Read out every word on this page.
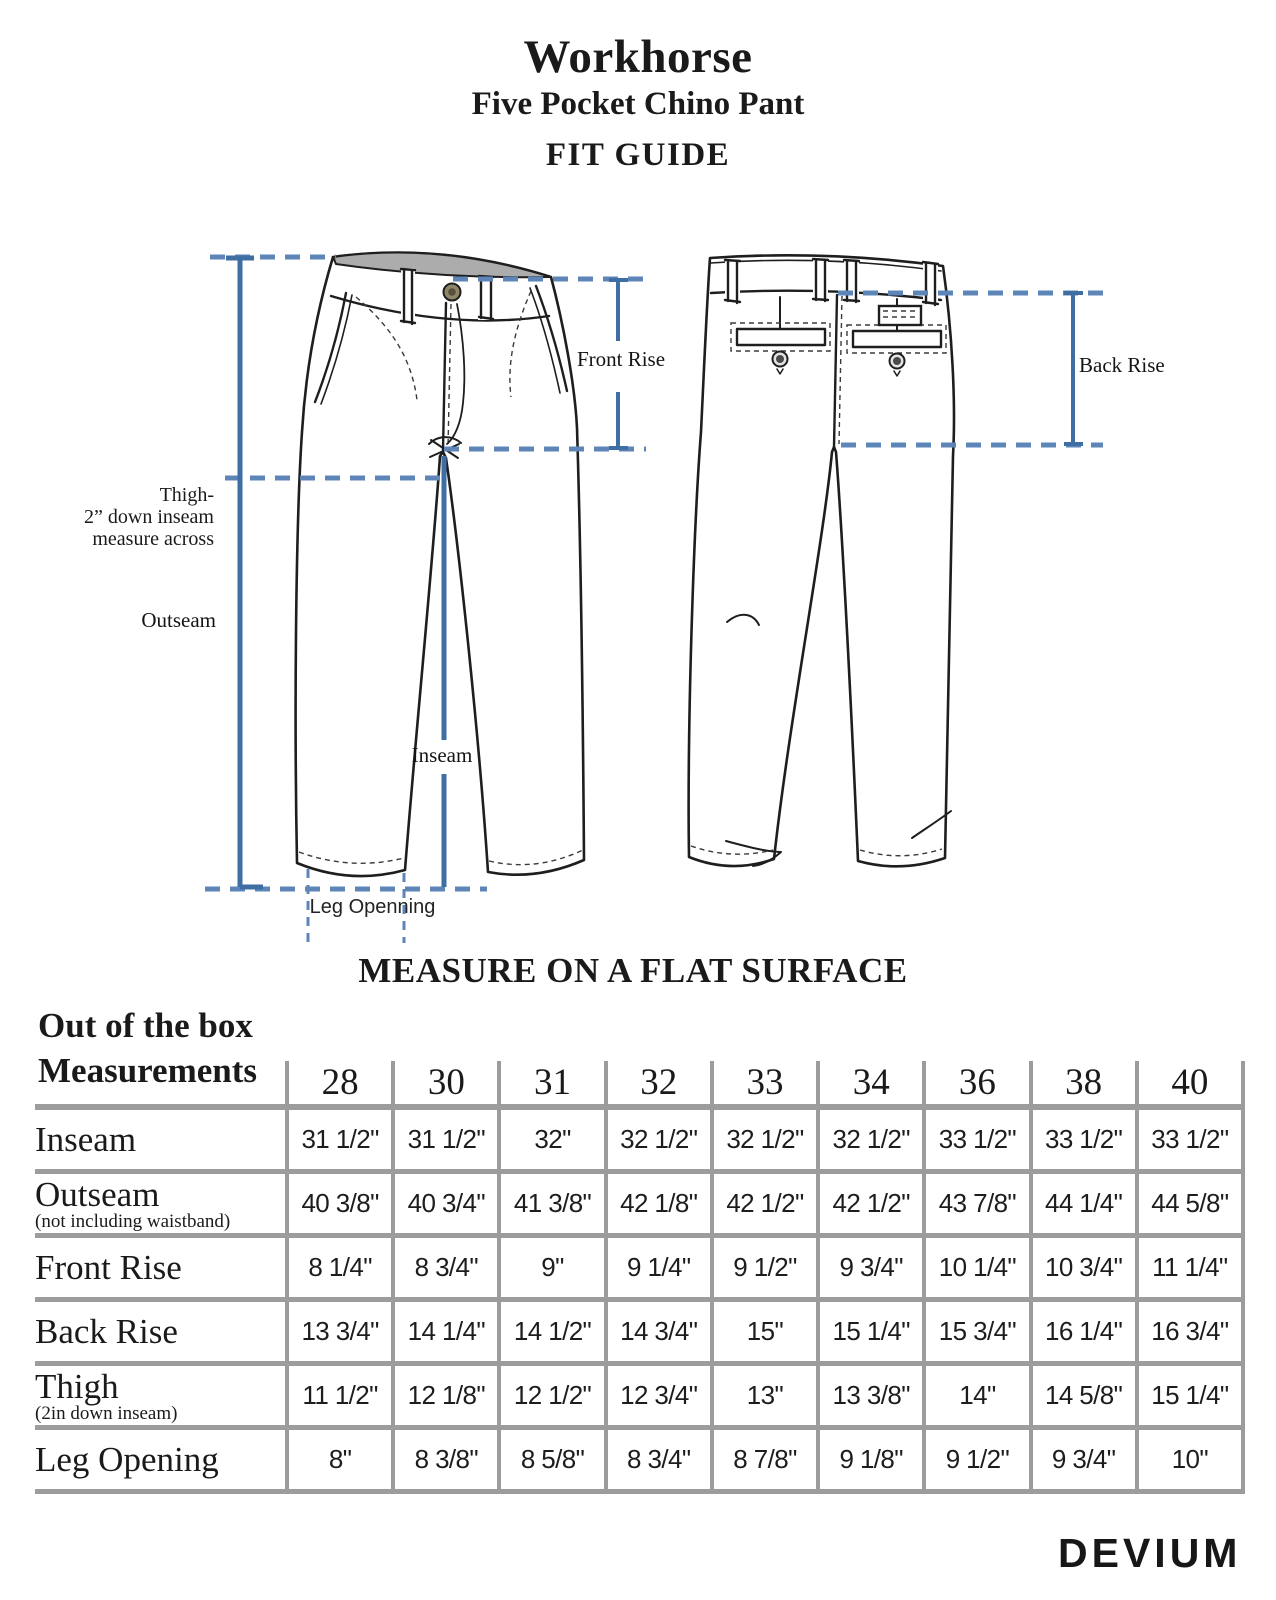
Workhorse
Five Pocket Chino Pant
FIT GUIDE
Front Rise	Back Rise
Thigh-
2” down inseam
measure across
Outseam
Inseam
Leg Openning
MEASURE ON A FLAT SURFACE
Out of the box
Measurements
	28	30	31	32	33	34	36	38	40

Inseam	31 1/2"	31 1/2"	32"	32 1/2"	32 1/2"	32 1/2"	33 1/2"	33 1/2"	33 1/2"

Outseam
(not including waistband)	40 3/8"	40 3/4"	41 3/8"	42 1/8"	42 1/2"	42 1/2"	43 7/8"	44 1/4"	44 5/8"

Front Rise	8 1/4"	8 3/4"	9"	9 1/4"	9 1/2"	9 3/4"	10 1/4"	10 3/4"	11 1/4"

Back Rise	13 3/4"	14 1/4"	14 1/2"	14 3/4"	15"	15 1/4"	15 3/4"	16 1/4"	16 3/4"

Thigh
(2in down inseam)	11 1/2"	12 1/8"	12 1/2"	12 3/4"	13"	13 3/8"	14"	14 5/8"	15 1/4"

Leg Opening	8"	8 3/8"	8 5/8"	8 3/4"	8 7/8"	9 1/8"	9 1/2"	9 3/4"	10"
DEVIUM
